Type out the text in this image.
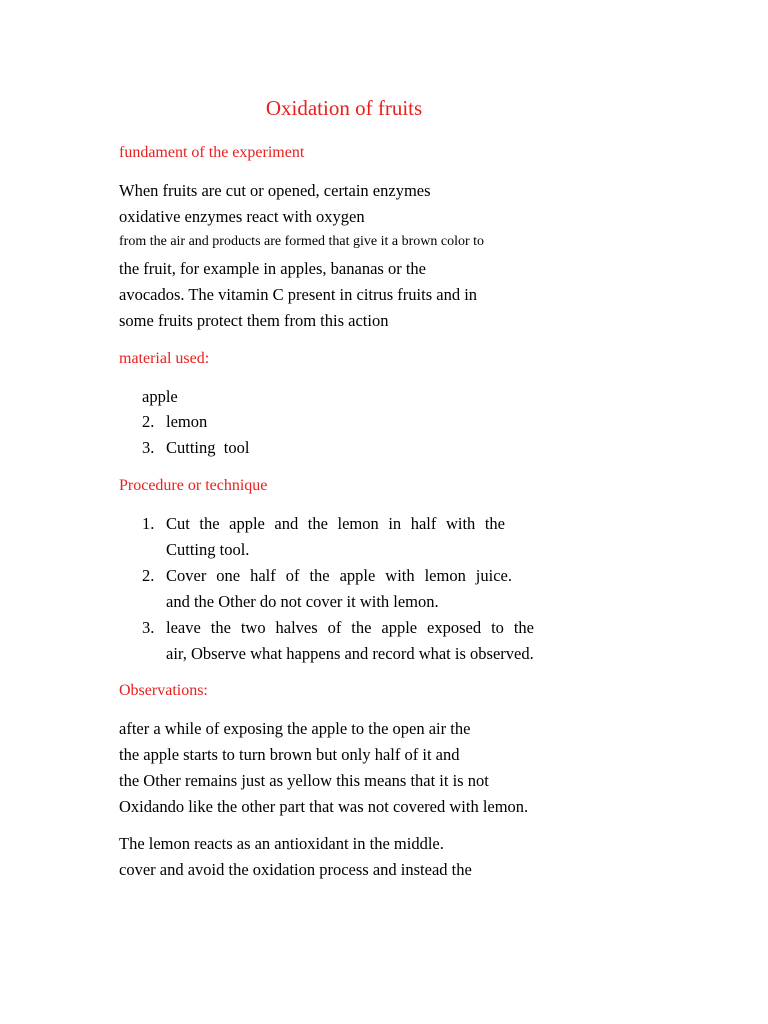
Oxidation of fruits
fundament of the experiment
When fruits are cut or opened, certain enzymes
oxidative enzymes react with oxygen
from the air and products are formed that give it a brown color to
the fruit, for example in apples, bananas or the
avocados. The vitamin C present in citrus fruits and in
some fruits protect them from this action
material used:
apple
2. lemon
3. Cutting  tool
Procedure or technique
1. Cut the apple and the lemon in half with the
Cutting tool.
2. Cover one half of the apple with lemon juice.
and the Other do not cover it with lemon.
3. leave the two halves of the apple exposed to the
air, Observe what happens and record what is observed.
Observations:
after a while of exposing the apple to the open air the
the apple starts to turn brown but only half of it and
the Other remains just as yellow this means that it is not
Oxidando like the other part that was not covered with lemon.
The lemon reacts as an antioxidant in the middle.
cover and avoid the oxidation process and instead the
